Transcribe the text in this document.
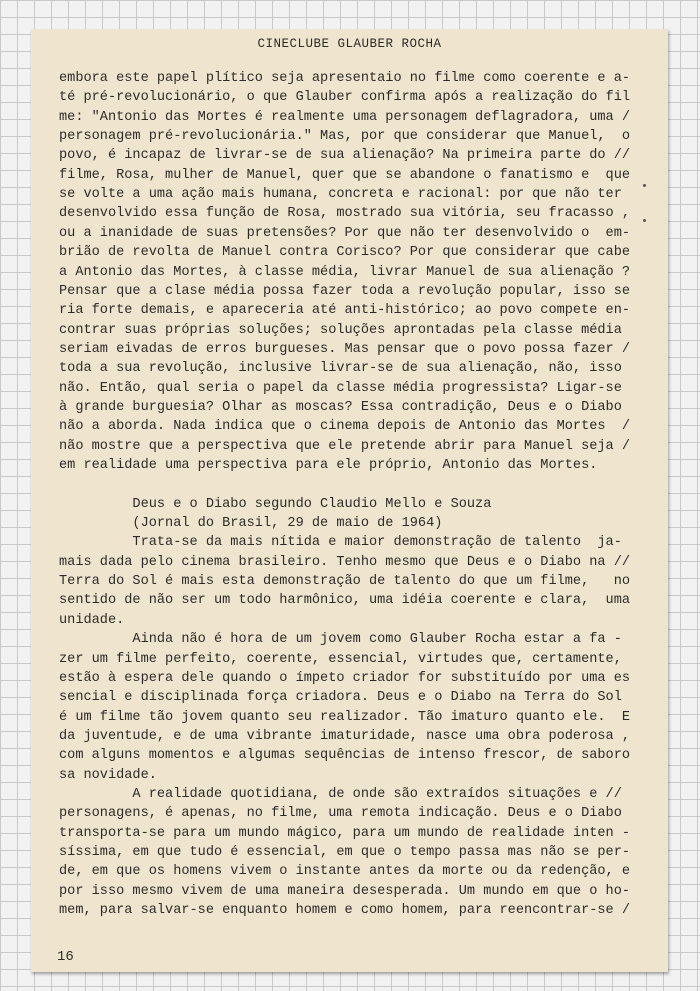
CINECLUBE GLAUBER ROCHA
embora este papel plítico seja apresentaio no filme como coerente e a-
té pré-revolucionário, o que Glauber confirma após a realização do fil
me: "Antonio das Mortes é realmente uma personagem deflagradora, uma /
personagem pré-revolucionária." Mas, por que considerar que Manuel,  o
povo, é incapaz de livrar-se de sua alienação? Na primeira parte do //
filme, Rosa, mulher de Manuel, quer que se abandone o fanatismo e  que
se volte a uma ação mais humana, concreta e racional: por que não ter
desenvolvido essa função de Rosa, mostrado sua vitória, seu fracasso ,
ou a inanidade de suas pretensões? Por que não ter desenvolvido o  em-
brião de revolta de Manuel contra Corisco? Por que considerar que cabe
a Antonio das Mortes, à classe média, livrar Manuel de sua alienação ?
Pensar que a clase média possa fazer toda a revolução popular, isso se
ria forte demais, e apareceria até anti-histórico; ao povo compete en-
contrar suas próprias soluções; soluções aprontadas pela classe média
seriam eivadas de erros burgueses. Mas pensar que o povo possa fazer /
toda a sua revolução, inclusive livrar-se de sua alienação, não, isso
não. Então, qual seria o papel da classe média progressista? Ligar-se
à grande burguesia? Olhar as moscas? Essa contradição, Deus e o Diabo
não a aborda. Nada indica que o cinema depois de Antonio das Mortes  /
não mostre que a perspectiva que ele pretende abrir para Manuel seja /
em realidade uma perspectiva para ele próprio, Antonio das Mortes.
Deus e o Diabo segundo Claudio Mello e Souza
(Jornal do Brasil, 29 de maio de 1964)
Trata-se da mais nítida e maior demonstração de talento  ja-
mais dada pelo cinema brasileiro. Tenho mesmo que Deus e o Diabo na //
Terra do Sol é mais esta demonstração de talento do que um filme,   no
sentido de não ser um todo harmônico, uma idéia coerente e clara,  uma
unidade.
Ainda não é hora de um jovem como Glauber Rocha estar a fa -
zer um filme perfeito, coerente, essencial, virtudes que, certamente,
estão à espera dele quando o ímpeto criador for substituído por uma es
sencial e disciplinada força criadora. Deus e o Diabo na Terra do Sol
é um filme tão jovem quanto seu realizador. Tão imaturo quanto ele.  E
da juventude, e de uma vibrante imaturidade, nasce uma obra poderosa ,
com alguns momentos e algumas sequências de intenso frescor, de saboro
sa novidade.
A realidade quotidiana, de onde são extraídos situações e //
personagens, é apenas, no filme, uma remota indicação. Deus e o Diabo
transporta-se para um mundo mágico, para um mundo de realidade inten -
síssima, em que tudo é essencial, em que o tempo passa mas não se per-
de, em que os homens vivem o instante antes da morte ou da redenção, e
por isso mesmo vivem de uma maneira desesperada. Um mundo em que o ho-
mem, para salvar-se enquanto homem e como homem, para reencontrar-se /
16
